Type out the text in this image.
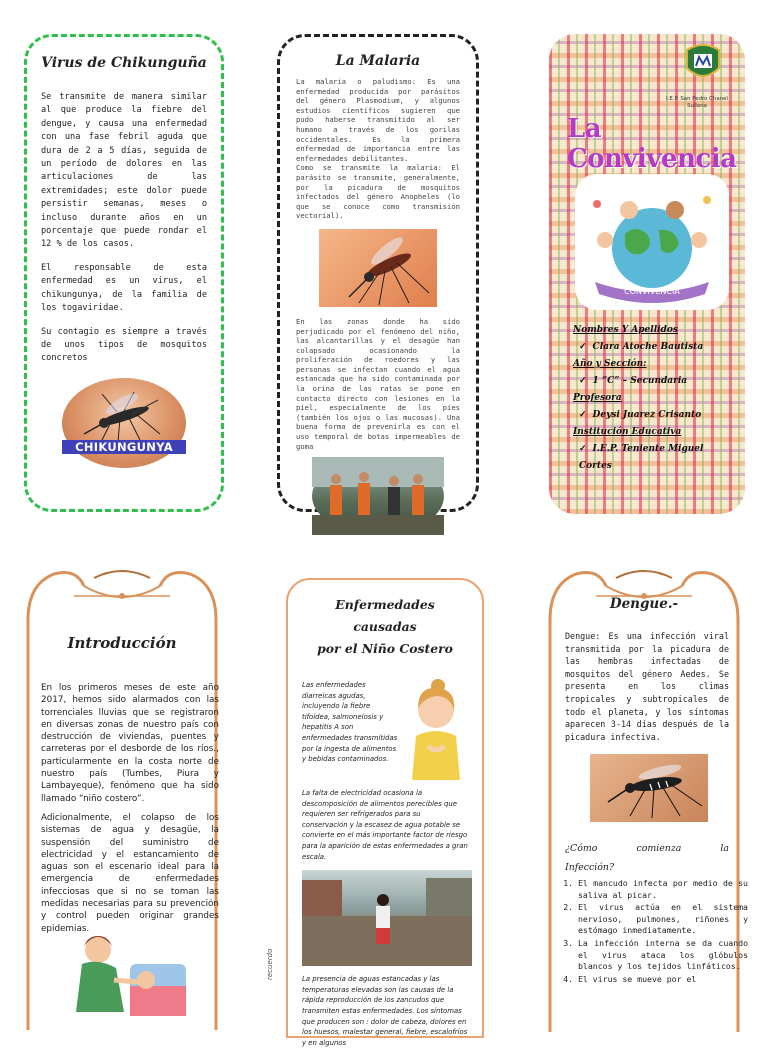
Virus de Chikunguña

Se transmite de manera similar al que produce la fiebre del dengue, y causa una enfermedad con una fase febril aguda que dura de 2 a 5 días, seguida de un período de dolores en las articulaciones de las extremidades; este dolor puede persistir semanas, meses o incluso durante años en un porcentaje que puede rondar el 12 % de los casos.

El responsable de esta enfermedad es un virus, el chikungunya, de la familia de los togaviridae.

Su contagio es siempre a través de unos tipos de mosquitos concretos

CHIKUNGUNYA
La Malaria

La malaria o paludismo: Es una enfermedad producida por parásitos del género Plasmodium, y algunos estudios científicos sugieren que pudo haberse transmitido al ser humano a través de los gorilas occidentales. Es la primera enfermedad de importancia entre las enfermedades debilitantes.

Como se transmite la malaria: El parásito se transmite, generalmente, por la picadura de mosquitos infectados del género Anopheles (lo que se conoce como transmisión vectorial).

En las zonas donde ha sido perjudicado por el fenómeno del niño, las alcantarillas y el desagüe han colapsado ocasionando la proliferación de roedores y las personas se infectan cuando el agua estancada que ha sido contaminada por la orina de las ratas se pone en contacto directo con lesiones en la piel, especialmente de los pies (también los ojos o las mucosas). Una buena forma de prevenirla es con el uso temporal de botas impermeables de goma

I.E.P. San Pedro Chanel
Sullana
La Convivencia
CONVIVENCIA
Nombres Y Apellidos
✓ Clara Atoche Bautista
Año y Sección:
✓ 1 “C” – Secundaria
Profesora
✓ Deysi Juarez Crisanto
Institución Educativa
✓ I.E.P. Teniente Miguel Cortes
Introducción

En los primeros meses de este año 2017, hemos sido alarmados con las torrenciales lluvias que se registraron en diversas zonas de nuestro país con destrucción de viviendas, puentes y carreteras por el desborde de los ríos., particularmente en la costa norte de nuestro país (Tumbes, Piura y Lambayeque), fenómeno que ha sido llamado “niño costero”.

Adicionalmente, el colapso de los sistemas de agua y desagüe, la suspensión del suministro de electricidad y el estancamiento de aguas son el escenario ideal para la emergencia de enfermedades infecciosas que si no se toman las medidas necesarias para su prevención y control pueden originar grandes epidemias.

Enfermedades causadas
por el Niño Costero

Las enfermedades diarreicas agudas, incluyendo la fiebre tifoidea, salmonelosis y hepatitis A son enfermedades transmitidas por la ingesta de alimentos y bebidas contaminados.

La falta de electricidad ocasiona la descomposición de alimentos perecibles que requieren ser refrigerados para su conservación y la escasez de agua potable se convierte en el más importante factor de riesgo para la aparición de estas enfermedades a gran escala.

La presencia de aguas estancadas y las temperaturas elevadas son las causas de la rápida reproducción de los zancudos que transmiten estas enfermedades. Los síntomas que producen son : dolor de cabeza, dolores en los huesos, malestar general, fiebre, escalofríos y en algunos

recuerdo
Dengue.-

Dengue: Es una infección viral transmitida por la picadura de las hembras infectadas de mosquitos del género Aedes. Se presenta en los climas tropicales y subtropicales de todo el planeta, y los síntomas aparecen 3-14 días después de la picadura infectiva.

¿Cómo comienza la
Infección?
1. El mancudo infecta por medio de su saliva al picar.
2. El virus actúa en el sistema nervioso, pulmones, riñones y estómago inmediatamente.
3. La infección interna se da cuando el virus ataca los glóbulos blancos y los tejidos linfáticos.
4. El virus se mueve por el
